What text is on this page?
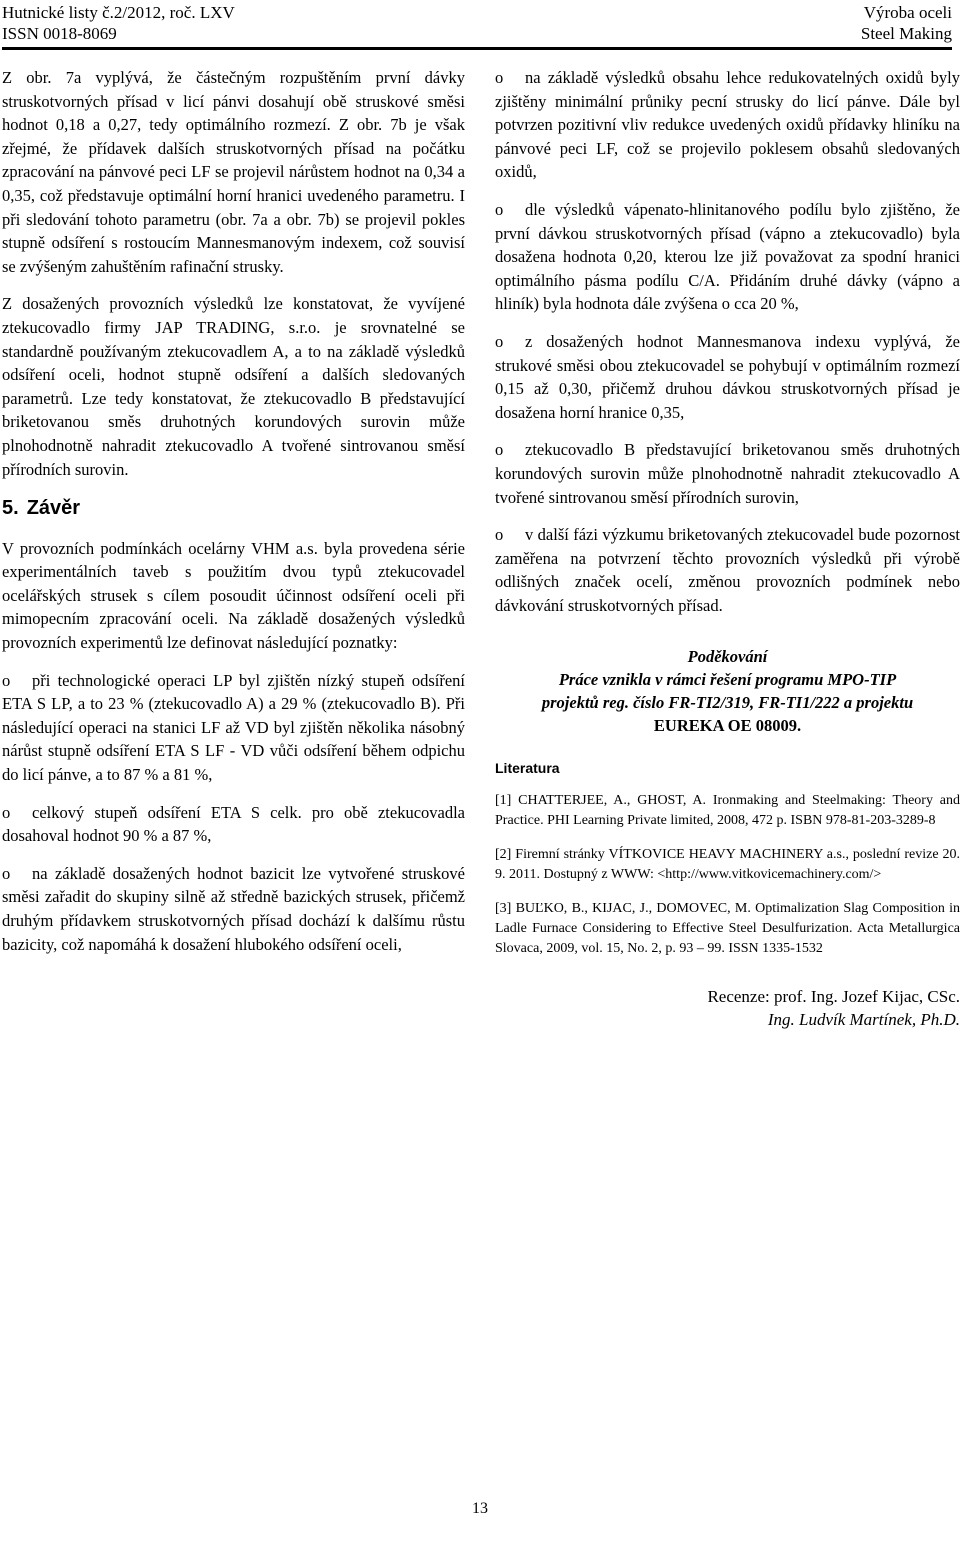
Hutnické listy č.2/2012, roč. LXV
ISSN 0018-8069
Výroba oceli
Steel Making

Z obr. 7a vyplývá, že částečným rozpuštěním první dávky struskotvorných přísad v licí pánvi dosahují obě struskové směsi hodnot 0,18 a 0,27, tedy optimálního rozmezí. Z obr. 7b je však zřejmé, že přídavek dalších struskotvorných přísad na počátku zpracování na pánvové peci LF se projevil nárůstem hodnot na 0,34 a 0,35, což představuje optimální horní hranici uvedeného parametru. I při sledování tohoto parametru (obr. 7a a obr. 7b) se projevil pokles stupně odsíření s rostoucím Mannesmanovým indexem, což souvisí se zvýšeným zahuštěním rafinační strusky.

Z dosažených provozních výsledků lze konstatovat, že vyvíjené ztekucovadlo firmy JAP TRADING, s.r.o. je srovnatelné se standardně používaným ztekucovadlem A, a to na základě výsledků odsíření oceli, hodnot stupně odsíření a dalších sledovaných parametrů. Lze tedy konstatovat, že ztekucovadlo B představující briketovanou směs druhotných korundových surovin může plnohodnotně nahradit ztekucovadlo A tvořené sintrovanou směsí přírodních surovin.

5. Závěr

V provozních podmínkách ocelárny VHM a.s. byla provedena série experimentálních taveb s použitím dvou typů ztekucovadel ocelářských strusek s cílem posoudit účinnost odsíření oceli při mimopecním zpracování oceli. Na základě dosažených výsledků provozních experimentů lze definovat následující poznatky:

o při technologické operaci LP byl zjištěn nízký stupeň odsíření ETA S LP, a to 23 % (ztekucovadlo A) a 29 % (ztekucovadlo B). Při následující operaci na stanici LF až VD byl zjištěn několika násobný nárůst stupně odsíření ETA S LF - VD vůči odsíření během odpichu do licí pánve, a to 87 % a 81 %,

o celkový stupeň odsíření ETA S celk. pro obě ztekucovadla dosahoval hodnot 90 % a 87 %,

o na základě dosažených hodnot bazicit lze vytvořené struskové směsi zařadit do skupiny silně až středně bazických strusek, přičemž druhým přídavkem struskotvorných přísad dochází k dalšímu růstu bazicity, což napomáhá k dosažení hlubokého odsíření oceli,

o na základě výsledků obsahu lehce redukovatelných oxidů byly zjištěny minimální průniky pecní strusky do licí pánve. Dále byl potvrzen pozitivní vliv redukce uvedených oxidů přídavky hliníku na pánvové peci LF, což se projevilo poklesem obsahů sledovaných oxidů,

o dle výsledků vápenato-hlinitanového podílu bylo zjištěno, že první dávkou struskotvorných přísad (vápno a ztekucovadlo) byla dosažena hodnota 0,20, kterou lze již považovat za spodní hranici optimálního pásma podílu C/A. Přidáním druhé dávky (vápno a hliník) byla hodnota dále zvýšena o cca 20 %,

o z dosažených hodnot Mannesmanova indexu vyplývá, že strukové směsi obou ztekucovadel se pohybují v optimálním rozmezí 0,15 až 0,30, přičemž druhou dávkou struskotvorných přísad je dosažena horní hranice 0,35,

o ztekucovadlo B představující briketovanou směs druhotných korundových surovin může plnohodnotně nahradit ztekucovadlo A tvořené sintrovanou směsí přírodních surovin,

o v další fázi výzkumu briketovaných ztekucovadel bude pozornost zaměřena na potvrzení těchto provozních výsledků při výrobě odlišných značek ocelí, změnou provozních podmínek nebo dávkování struskotvorných přísad.

Poděkování
Práce vznikla v rámci řešení programu MPO-TIP
projektů reg. číslo FR-TI2/319, FR-TI1/222 a projektu
EUREKA OE 08009.
Literatura

[1] CHATTERJEE, A., GHOST, A. Ironmaking and Steelmaking: Theory and Practice. PHI Learning Private limited, 2008, 472 p. ISBN 978-81-203-3289-8

[2] Firemní stránky VÍTKOVICE HEAVY MACHINERY a.s., poslední revize 20. 9. 2011. Dostupný z WWW: <http://www.vitkovicemachinery.com/>

[3] BUĽKO, B., KIJAC, J., DOMOVEC, M. Optimalization Slag Composition in Ladle Furnace Considering to Effective Steel Desulfurization. Acta Metallurgica Slovaca, 2009, vol. 15, No. 2, p. 93 – 99. ISSN 1335-1532

Recenze: prof. Ing. Jozef Kijac, CSc.
Ing. Ludvík Martínek, Ph.D.
13
